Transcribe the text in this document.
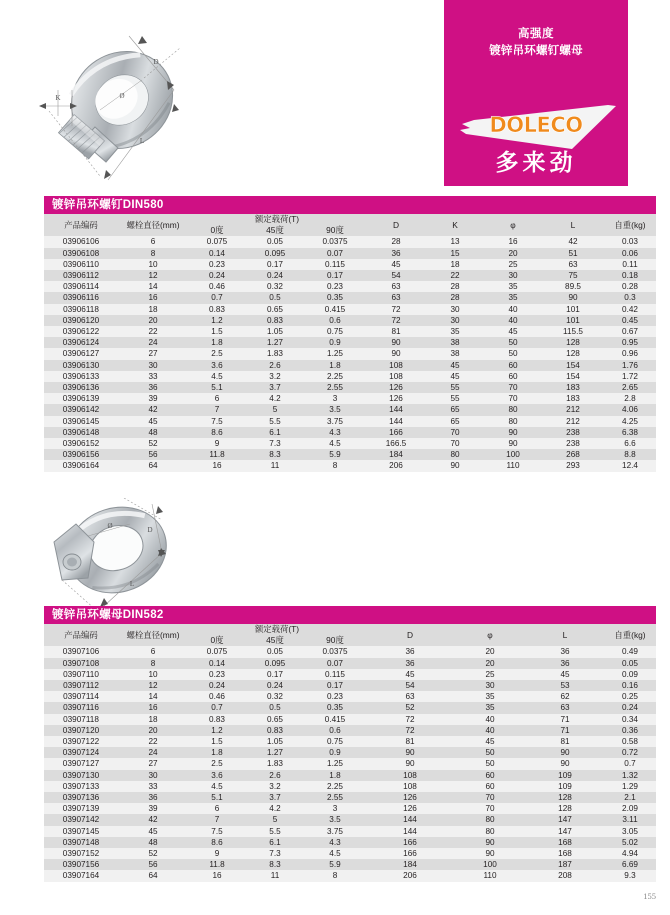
高强度
镀锌吊环螺钉螺母
DOLECO
多来劲
D
Ø
L
K
镀锌吊环螺钉DIN580
产品编码	螺栓直径(mm)	额定载荷(T)			D	K	φ	L	自重(kg)
		0度	45度	90度					
03906106	6	0.075	0.05	0.0375	28	13	16	42	0.03
03906108	8	0.14	0.095	0.07	36	15	20	51	0.06
03906110	10	0.23	0.17	0.115	45	18	25	63	0.11
03906112	12	0.24	0.24	0.17	54	22	30	75	0.18
03906114	14	0.46	0.32	0.23	63	28	35	89.5	0.28
03906116	16	0.7	0.5	0.35	63	28	35	90	0.3
03906118	18	0.83	0.65	0.415	72	30	40	101	0.42
03906120	20	1.2	0.83	0.6	72	30	40	101	0.45
03906122	22	1.5	1.05	0.75	81	35	45	115.5	0.67
03906124	24	1.8	1.27	0.9	90	38	50	128	0.95
03906127	27	2.5	1.83	1.25	90	38	50	128	0.96
03906130	30	3.6	2.6	1.8	108	45	60	154	1.76
03906133	33	4.5	3.2	2.25	108	45	60	154	1.72
03906136	36	5.1	3.7	2.55	126	55	70	183	2.65
03906139	39	6	4.2	3	126	55	70	183	2.8
03906142	42	7	5	3.5	144	65	80	212	4.06
03906145	45	7.5	5.5	3.75	144	65	80	212	4.25
03906148	48	8.6	6.1	4.3	166	70	90	238	6.38
03906152	52	9	7.3	4.5	166.5	70	90	238	6.6
03906156	56	11.8	8.3	5.9	184	80	100	268	8.8
03906164	64	16	11	8	206	90	110	293	12.4
Ø	D
L
镀锌吊环螺母DIN582
产品编码	螺栓直径(mm)	额定载荷(T)			D	φ	L	自重(kg)
		0度	45度	90度				
03907106	6	0.075	0.05	0.0375	36	20	36	0.49
03907108	8	0.14	0.095	0.07	36	20	36	0.05
03907110	10	0.23	0.17	0.115	45	25	45	0.09
03907112	12	0.24	0.24	0.17	54	30	53	0.16
03907114	14	0.46	0.32	0.23	63	35	62	0.25
03907116	16	0.7	0.5	0.35	52	35	63	0.24
03907118	18	0.83	0.65	0.415	72	40	71	0.34
03907120	20	1.2	0.83	0.6	72	40	71	0.36
03907122	22	1.5	1.05	0.75	81	45	81	0.58
03907124	24	1.8	1.27	0.9	90	50	90	0.72
03907127	27	2.5	1.83	1.25	90	50	90	0.7
03907130	30	3.6	2.6	1.8	108	60	109	1.32
03907133	33	4.5	3.2	2.25	108	60	109	1.29
03907136	36	5.1	3.7	2.55	126	70	128	2.1
03907139	39	6	4.2	3	126	70	128	2.09
03907142	42	7	5	3.5	144	80	147	3.11
03907145	45	7.5	5.5	3.75	144	80	147	3.05
03907148	48	8.6	6.1	4.3	166	90	168	5.02
03907152	52	9	7.3	4.5	166	90	168	4.94
03907156	56	11.8	8.3	5.9	184	100	187	6.69
03907164	64	16	11	8	206	110	208	9.3
155
